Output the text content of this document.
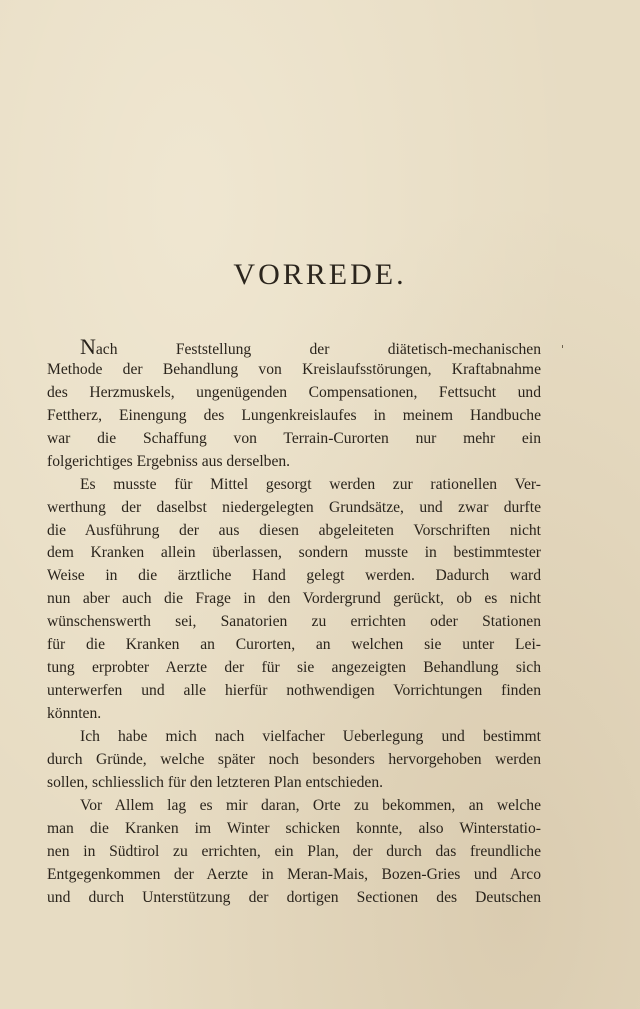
VORREDE.
'
Nach Feststellung der diätetisch-mechanischen
Methode der Behandlung von Kreislaufsstörungen, Kraftabnahme
des Herzmuskels, ungenügenden Compensationen, Fettsucht und
Fettherz, Einengung des Lungenkreislaufes in meinem Handbuche
war die Schaffung von Terrain-Curorten nur mehr ein
folgerichtiges Ergebniss aus derselben.
Es musste für Mittel gesorgt werden zur rationellen Ver-
werthung der daselbst niedergelegten Grundsätze, und zwar durfte
die Ausführung der aus diesen abgeleiteten Vorschriften nicht
dem Kranken allein überlassen, sondern musste in bestimmtester
Weise in die ärztliche Hand gelegt werden. Dadurch ward
nun aber auch die Frage in den Vordergrund gerückt, ob es nicht
wünschenswerth sei, Sanatorien zu errichten oder Stationen
für die Kranken an Curorten, an welchen sie unter Lei-
tung erprobter Aerzte der für sie angezeigten Behandlung sich
unterwerfen und alle hierfür nothwendigen Vorrichtungen finden
könnten.
Ich habe mich nach vielfacher Ueberlegung und bestimmt
durch Gründe, welche später noch besonders hervorgehoben werden
sollen, schliesslich für den letzteren Plan entschieden.
Vor Allem lag es mir daran, Orte zu bekommen, an welche
man die Kranken im Winter schicken konnte, also Winterstatio-
nen in Südtirol zu errichten, ein Plan, der durch das freundliche
Entgegenkommen der Aerzte in Meran-Mais, Bozen-Gries und Arco
und durch Unterstützung der dortigen Sectionen des Deutschen
